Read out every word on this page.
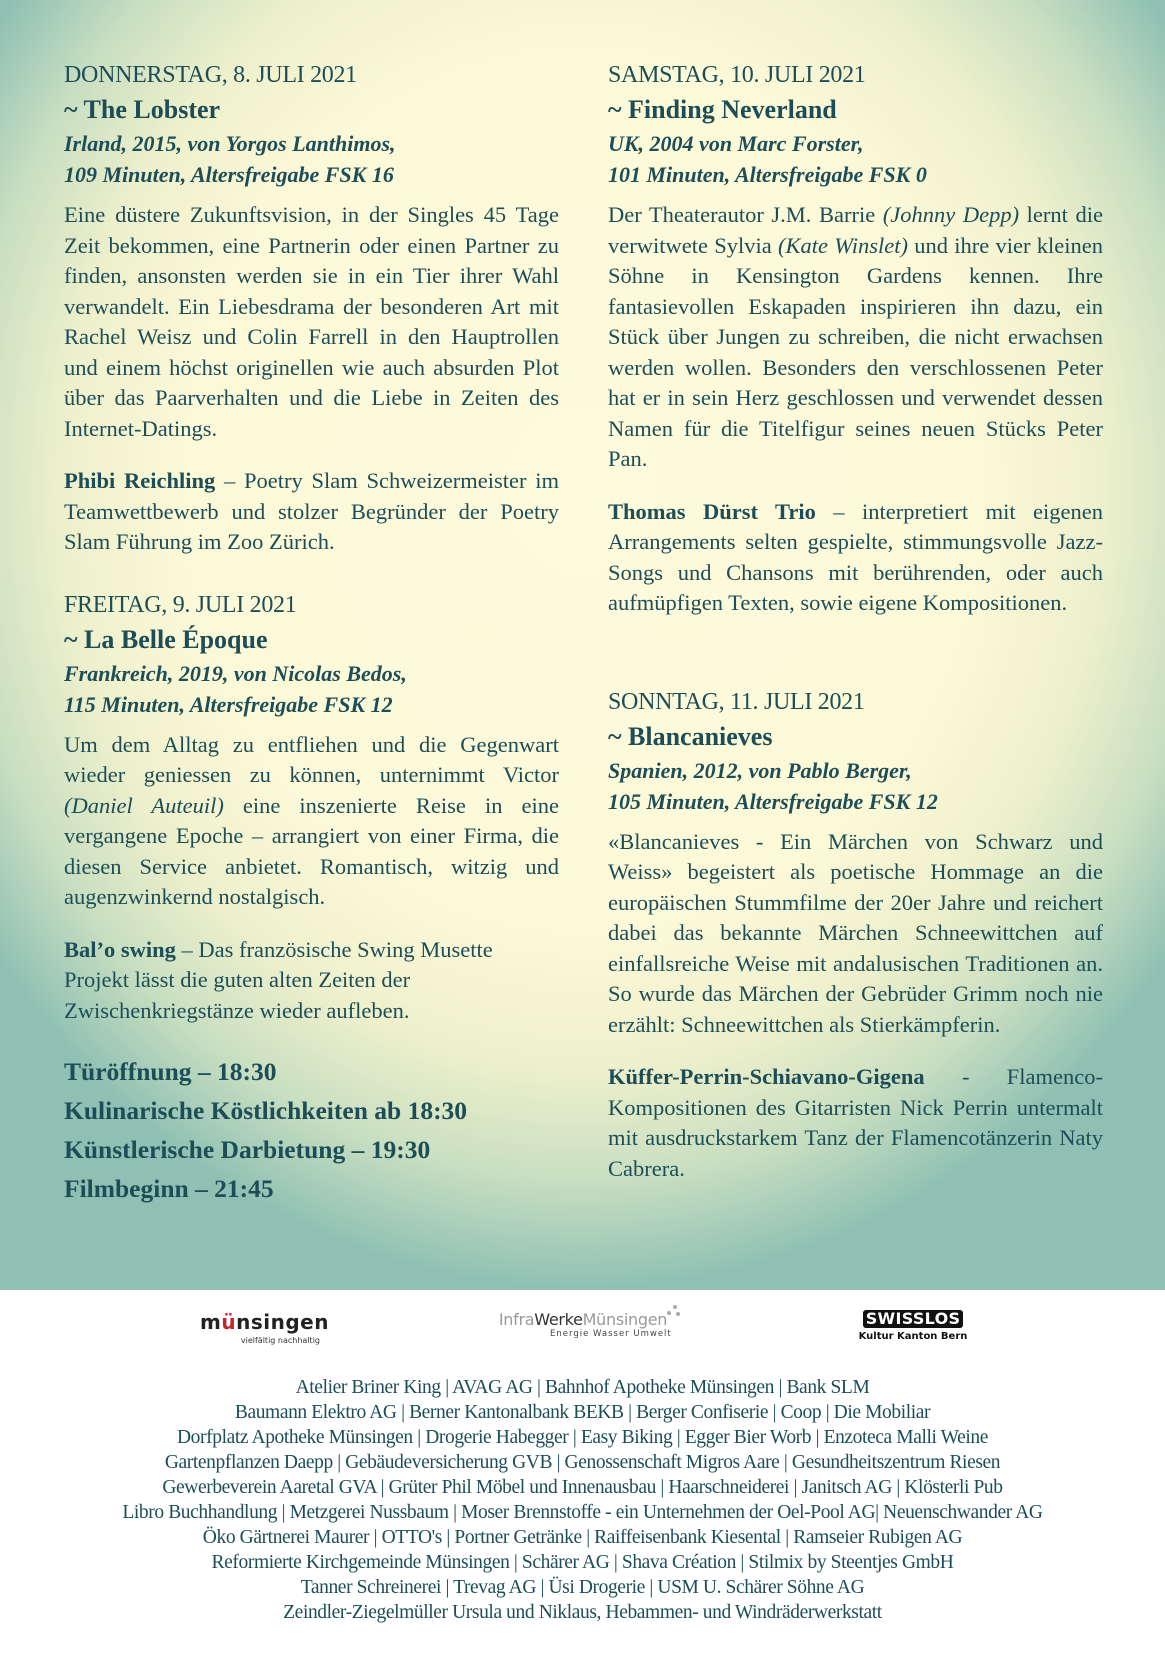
DONNERSTAG, 8. JULI 2021
~ The Lobster
Irland, 2015, von Yorgos Lanthimos,
109 Minuten, Altersfreigabe FSK 16

Eine düstere Zukunftsvision, in der Singles 45 Tage Zeit bekommen, eine Partnerin oder einen Partner zu finden, ansonsten werden sie in ein Tier ihrer Wahl verwandelt. Ein Liebesdrama der besonderen Art mit Rachel Weisz und Colin Farrell in den Hauptrollen und einem höchst originellen wie auch absurden Plot über das Paarverhalten und die Liebe in Zeiten des Internet-Datings.

Phibi Reichling – Poetry Slam Schweizermeister im Teamwettbewerb und stolzer Begründer der Poetry Slam Führung im Zoo Zürich.

FREITAG, 9. JULI 2021
~ La Belle Époque
Frankreich, 2019, von Nicolas Bedos,
115 Minuten, Altersfreigabe FSK 12

Um dem Alltag zu entfliehen und die Gegenwart wieder geniessen zu können, unternimmt Victor (Daniel Auteuil) eine inszenierte Reise in eine vergangene Epoche – arrangiert von einer Firma, die diesen Service anbietet. Romantisch, witzig und augenzwinkernd nostalgisch.

Bal’o swing – Das französische Swing Musette Projekt lässt die guten alten Zeiten der Zwischenkriegstänze wieder aufleben.

Türöffnung – 18:30
Kulinarische Köstlichkeiten ab 18:30
Künstlerische Darbietung – 19:30
Filmbeginn – 21:45
SAMSTAG, 10. JULI 2021
~ Finding Neverland
UK, 2004 von Marc Forster,
101 Minuten, Altersfreigabe FSK 0

Der Theaterautor J.M. Barrie (Johnny Depp) lernt die verwitwete Sylvia (Kate Winslet) und ihre vier kleinen Söhne in Kensington Gardens kennen. Ihre fantasievollen Eskapaden inspirieren ihn dazu, ein Stück über Jungen zu schreiben, die nicht erwachsen werden wollen. Besonders den verschlossenen Peter hat er in sein Herz geschlossen und verwendet dessen Namen für die Titelfigur seines neuen Stücks Peter Pan.

Thomas Dürst Trio – interpretiert mit eigenen Arrangements selten gespielte, stimmungsvolle Jazz-Songs und Chansons mit berührenden, oder auch aufmüpfigen Texten, sowie eigene Kompositionen.

SONNTAG, 11. JULI 2021
~ Blancanieves
Spanien, 2012, von Pablo Berger,
105 Minuten, Altersfreigabe FSK 12

«Blancanieves - Ein Märchen von Schwarz und Weiss» begeistert als poetische Hommage an die europäischen Stummfilme der 20er Jahre und reichert dabei das bekannte Märchen Schneewittchen auf einfallsreiche Weise mit andalusischen Traditionen an. So wurde das Märchen der Gebrüder Grimm noch nie erzählt: Schneewittchen als Stierkämpferin.

Küffer-Perrin-Schiavano-Gigena - Flamenco-Kompositionen des Gitarristen Nick Perrin untermalt mit ausdruckstarkem Tanz der Flamencotänzerin Naty Cabrera.

münsingen
vielfältig nachhaltig
InfraWerkeMünsingen
Energie Wasser Umwelt
SWISSLOS
Kultur Kanton Bern
Atelier Briner King | AVAG AG | Bahnhof Apotheke Münsingen | Bank SLM
Baumann Elektro AG | Berner Kantonalbank BEKB | Berger Confiserie | Coop | Die Mobiliar
Dorfplatz Apotheke Münsingen | Drogerie Habegger | Easy Biking | Egger Bier Worb | Enzoteca Malli Weine
Gartenpflanzen Daepp | Gebäudeversicherung GVB | Genossenschaft Migros Aare | Gesundheitszentrum Riesen
Gewerbeverein Aaretal GVA | Grüter Phil Möbel und Innenausbau | Haarschneiderei | Janitsch AG | Klösterli Pub
Libro Buchhandlung | Metzgerei Nussbaum | Moser Brennstoffe - ein Unternehmen der Oel-Pool AG| Neuenschwander AG
Öko Gärtnerei Maurer | OTTO's | Portner Getränke | Raiffeisenbank Kiesental | Ramseier Rubigen AG
Reformierte Kirchgemeinde Münsingen | Schärer AG | Shava Création | Stilmix by Steentjes GmbH
Tanner Schreinerei | Trevag AG | Üsi Drogerie | USM U. Schärer Söhne AG
Zeindler-Ziegelmüller Ursula und Niklaus, Hebammen- und Windräderwerkstatt
